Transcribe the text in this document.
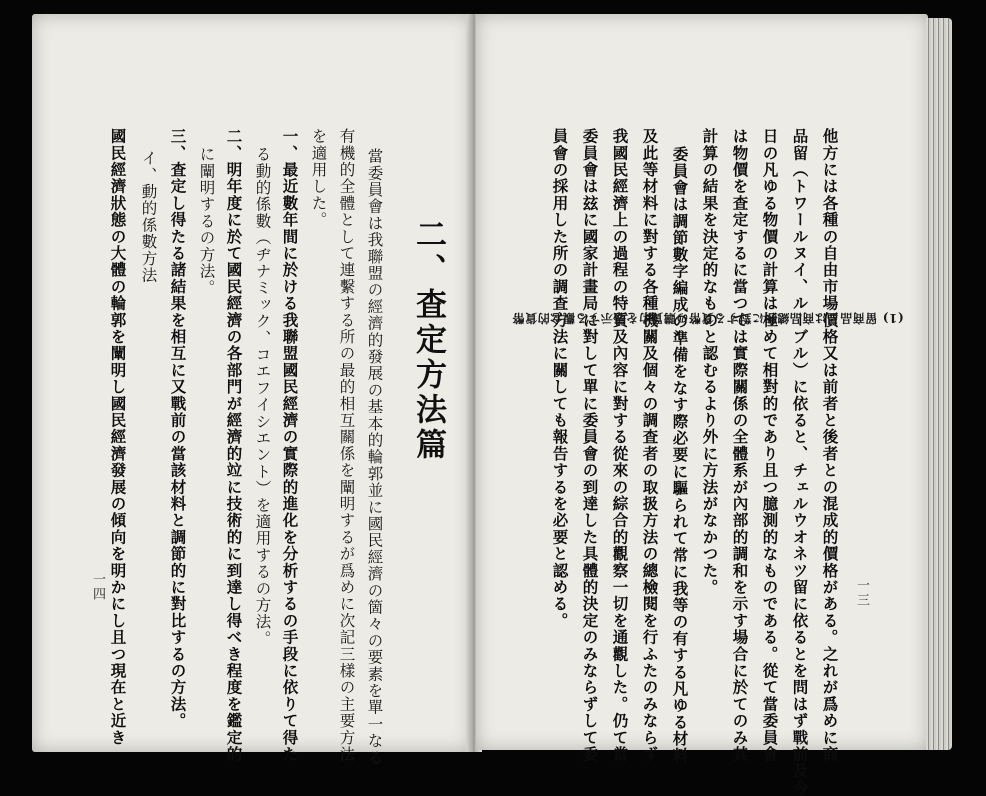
一三
他方には各種の自由市場價格又は前者と後者との混成的價格がある。之れが爲めに商
品留（トワールヌイ、ルーブル）に依ると、チェルウオネツ留に依るとを問はず戰前及今
日の凡ゆる物價の計算は極めて相對的であり且つ臆測的なものである。從て當委員會
は物價を査定するに當つては實際關係の全體系が內部的調和を示す場合に於てのみ其
計算の結果を決定的なものと認むるより外に方法がなかつた。
委員會は調節數字編成の準備をなす際必要に驅られて常に我等の有する凡ゆる材料
及此等材料に對する各種機關及個々の調査者の取扱方法の總檢閱を行ふたのみならず
我國民經濟上の過程の特質及內容に對する從來の綜合的觀察一切を通觀した。仍て當
委員會は玆に國家計畫局に對して單に委員會の到達した具體的決定のみならずして委
員會の採用した所の調査方法に關しても報告するを必要と認める。
(1) 留商品とは商品總和に對する貨幣の購買力を表示する觀念的貨幣
二、査定方法篇
當委員會は我聯盟の經濟的發展の基本的輪郭並に國民經濟の箇々の要素を單一なる
有機的全體として連繫する所の最的相互關係を闡明するが爲めに次記三樣の主要方法
を適用した。
一、最近數年間に於ける我聯盟國民經濟の實際的進化を分析するの手段に依りて得た
る動的係數（ヂナミック、コエフイシエント）を適用するの方法。
二、明年度に於て國民經濟の各部門が經濟的竝に技術的に到達し得べき程度を鑑定的
に闡明するの方法。
三、査定し得たる諸結果を相互に又戰前の當該材料と調節的に對比するの方法。
イ、動的係數方法
國民經濟狀態の大體の輪郭を闡明し國民經濟發展の傾向を明かにし且つ現在と近き
一四
